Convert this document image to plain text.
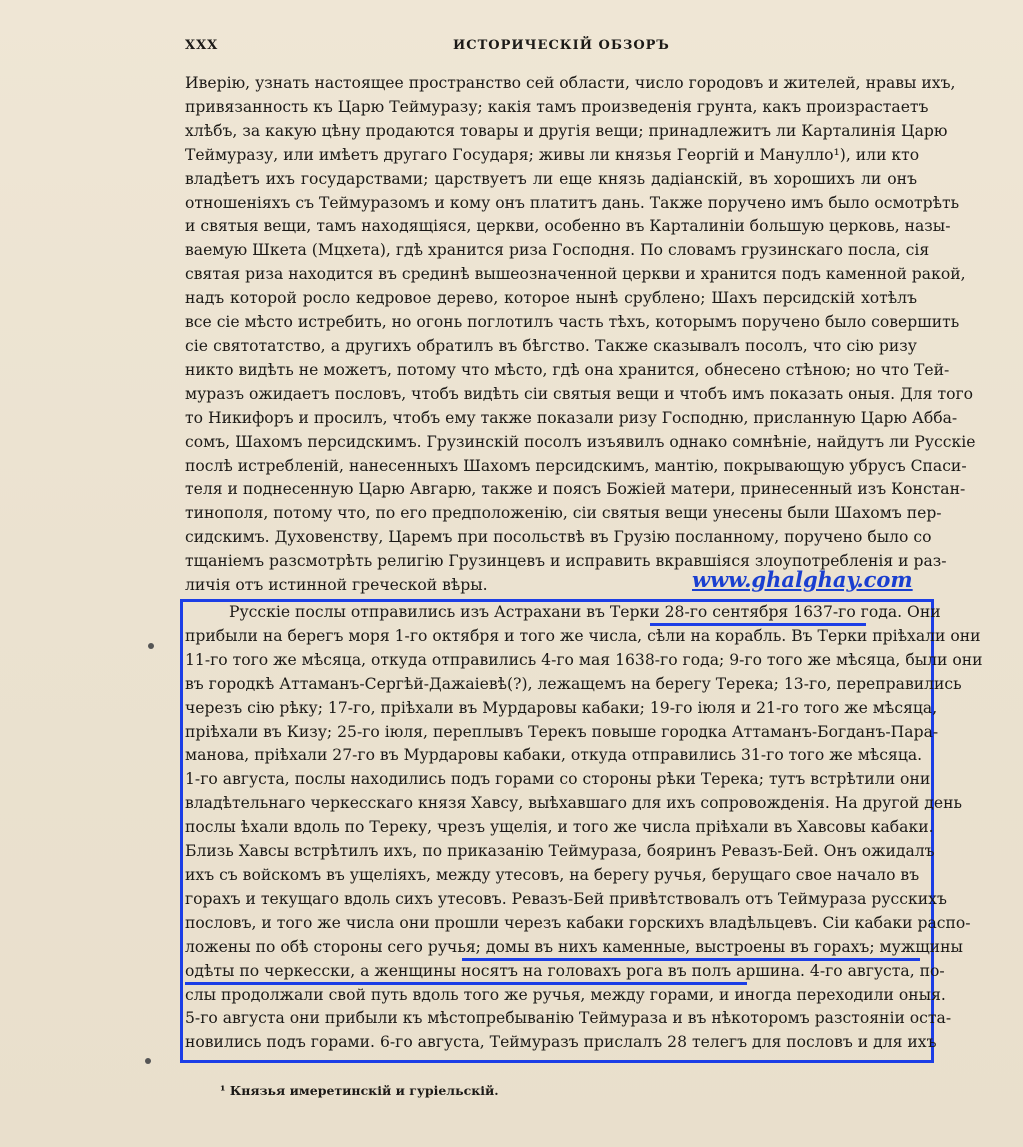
XXX	ИСТОРИЧЕСКІЙ ОБЗОРЪ
Иверію, узнать настоящее пространство сей области, число городовъ и жителей, нравы ихъ,
привязанность къ Царю Теймуразу; какія тамъ произведенія грунта, какъ произрастаетъ
хлѣбъ, за какую цѣну продаются товары и другія вещи; принадлежитъ ли Карталинія Царю
Теймуразу, или имѣетъ другаго Государя; живы ли князья Георгій и Манулло¹), или кто
владѣетъ ихъ государствами; царствуетъ ли еще князь дадіанскій, въ хорошихъ ли онъ
отношеніяхъ съ Теймуразомъ и кому онъ платитъ дань. Также поручено имъ было осмотрѣть
и святыя вещи, тамъ находящіяся, церкви, особенно въ Карталиніи большую церковь, назы-
ваемую Шкета (Мцхета), гдѣ хранится риза Господня. По словамъ грузинскаго посла, сія
святая риза находится въ срединѣ вышеозначенной церкви и хранится подъ каменной ракой,
надъ которой росло кедровое дерево, которое нынѣ срублено; Шахъ персидскій хотѣлъ
все сіе мѣсто истребить, но огонь поглотилъ часть тѣхъ, которымъ поручено было совершить
сіе святотатство, а другихъ обратилъ въ бѣгство. Также сказывалъ посолъ, что сію ризу
никто видѣть не можетъ, потому что мѣсто, гдѣ она хранится, обнесено стѣною; но что Тей-
муразъ ожидаетъ пословъ, чтобъ видѣть сіи святыя вещи и чтобъ имъ показать оныя. Для того
то Никифоръ и просилъ, чтобъ ему также показали ризу Господню, присланную Царю Абба-
сомъ, Шахомъ персидскимъ. Грузинскій посолъ изъявилъ однако сомнѣніе, найдутъ ли Русскіе
послѣ истребленій, нанесенныхъ Шахомъ персидскимъ, мантію, покрывающую убрусъ Спаси-
теля и поднесенную Царю Авгарю, также и поясъ Божіей матери, принесенный изъ Констан-
тинополя, потому что, по его предположенію, сіи святыя вещи унесены были Шахомъ пер-
сидскимъ. Духовенству, Царемъ при посольствѣ въ Грузію посланному, поручено было со
тщаніемъ разсмотрѣть религію Грузинцевъ и исправить вкравшіяся злоупотребленія и раз-
личія отъ истинной греческой вѣры.	www.ghalghay.com
Русскіе послы отправились изъ Астрахани въ Терки 28-го сентября 1637-го года. Они
прибыли на берегъ моря 1-го октября и того же числа, сѣли на корабль. Въ Терки пріѣхали они
11-го того же мѣсяца, откуда отправились 4-го мая 1638-го года; 9-го того же мѣсяца, были они
въ городкѣ Аттаманъ-Сергѣй-Дажаіевѣ(?), лежащемъ на берегу Терека; 13-го, переправились
черезъ сію рѣку; 17-го, пріѣхали въ Мурдаровы кабаки; 19-го іюля и 21-го того же мѣсяца,
пріѣхали въ Кизу; 25-го іюля, переплывъ Терекъ повыше городка Аттаманъ-Богданъ-Пара-
манова, пріѣхали 27-го въ Мурдаровы кабаки, откуда отправились 31-го того же мѣсяца.
1-го августа, послы находились подъ горами со стороны рѣки Терека; тутъ встрѣтили они
владѣтельнаго черкесскаго князя Хавсу, выѣхавшаго для ихъ сопровожденія. На другой день
послы ѣхали вдоль по Тереку, чрезъ ущелія, и того же числа пріѣхали въ Хавсовы кабаки.
Близь Хавсы встрѣтилъ ихъ, по приказанію Теймураза, бояринъ Ревазъ-Бей. Онъ ожидалъ
ихъ съ войскомъ въ ущеліяхъ, между утесовъ, на берегу ручья, берущаго свое начало въ
горахъ и текущаго вдоль сихъ утесовъ. Ревазъ-Бей привѣтствовалъ отъ Теймураза русскихъ
пословъ, и того же числа они прошли черезъ кабаки горскихъ владѣльцевъ. Сіи кабаки распо-
ложены по обѣ стороны сего ручья; домы въ нихъ каменные, выстроены въ горахъ; мужщины
одѣты по черкесски, а женщины носятъ на головахъ рога въ полъ аршина. 4-го августа, по-
слы продолжали свой путь вдоль того же ручья, между горами, и иногда переходили оныя.
5-го августа они прибыли къ мѣстопребыванію Теймураза и въ нѣкоторомъ разстояніи оста-
новились подъ горами. 6-го августа, Теймуразъ прислалъ 28 телегъ для пословъ и для ихъ
¹ Князья имеретинскій и гурiельскій.
